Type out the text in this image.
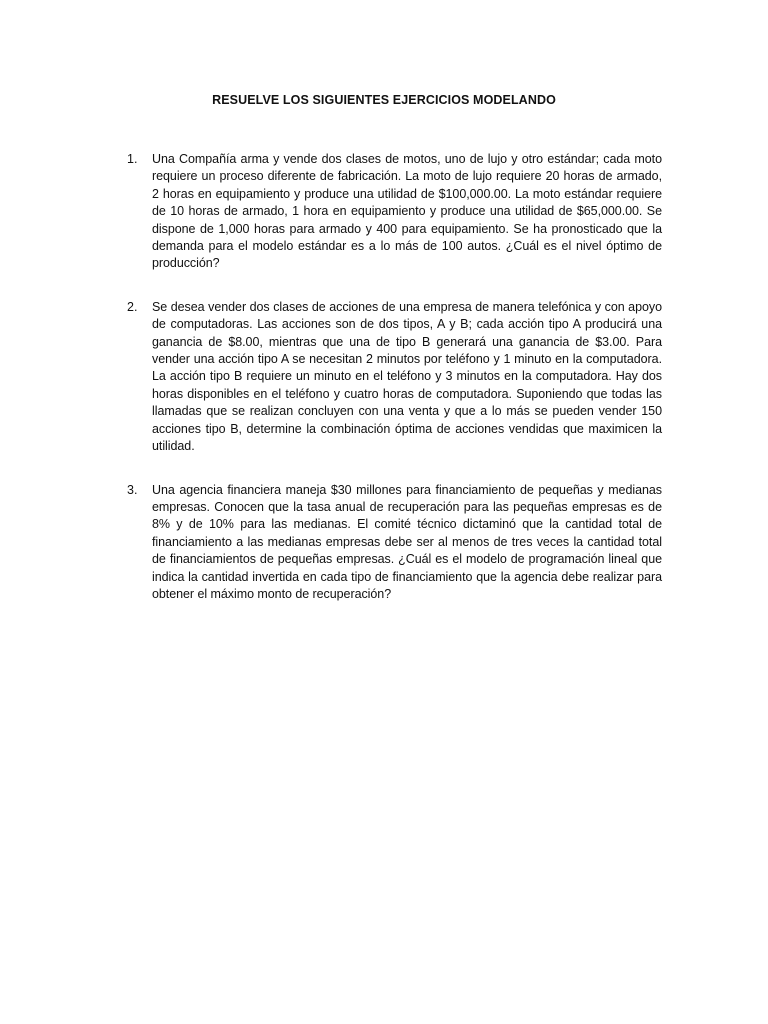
RESUELVE LOS SIGUIENTES EJERCICIOS MODELANDO
1. Una Compañía arma y vende dos clases de motos, uno de lujo y otro estándar; cada moto requiere un proceso diferente de fabricación. La moto de lujo requiere 20 horas de armado, 2 horas en equipamiento y produce una utilidad de $100,000.00. La moto estándar requiere de 10 horas de armado, 1 hora en equipamiento y produce una utilidad de $65,000.00. Se dispone de 1,000 horas para armado y 400 para equipamiento. Se ha pronosticado que la demanda para el modelo estándar es a lo más de 100 autos. ¿Cuál es el nivel óptimo de producción?
2. Se desea vender dos clases de acciones de una empresa de manera telefónica y con apoyo de computadoras. Las acciones son de dos tipos, A y B; cada acción tipo A producirá una ganancia de $8.00, mientras que una de tipo B generará una ganancia de $3.00. Para vender una acción tipo A se necesitan 2 minutos por teléfono y 1 minuto en la computadora. La acción tipo B requiere un minuto en el teléfono y 3 minutos en la computadora. Hay dos horas disponibles en el teléfono y cuatro horas de computadora. Suponiendo que todas las llamadas que se realizan concluyen con una venta y que a lo más se pueden vender 150 acciones tipo B, determine la combinación óptima de acciones vendidas que maximicen la utilidad.
3. Una agencia financiera maneja $30 millones para financiamiento de pequeñas y medianas empresas. Conocen que la tasa anual de recuperación para las pequeñas empresas es de 8% y de 10% para las medianas. El comité técnico dictaminó que la cantidad total de financiamiento a las medianas empresas debe ser al menos de tres veces la cantidad total de financiamientos de pequeñas empresas. ¿Cuál es el modelo de programación lineal que indica la cantidad invertida en cada tipo de financiamiento que la agencia debe realizar para obtener el máximo monto de recuperación?
